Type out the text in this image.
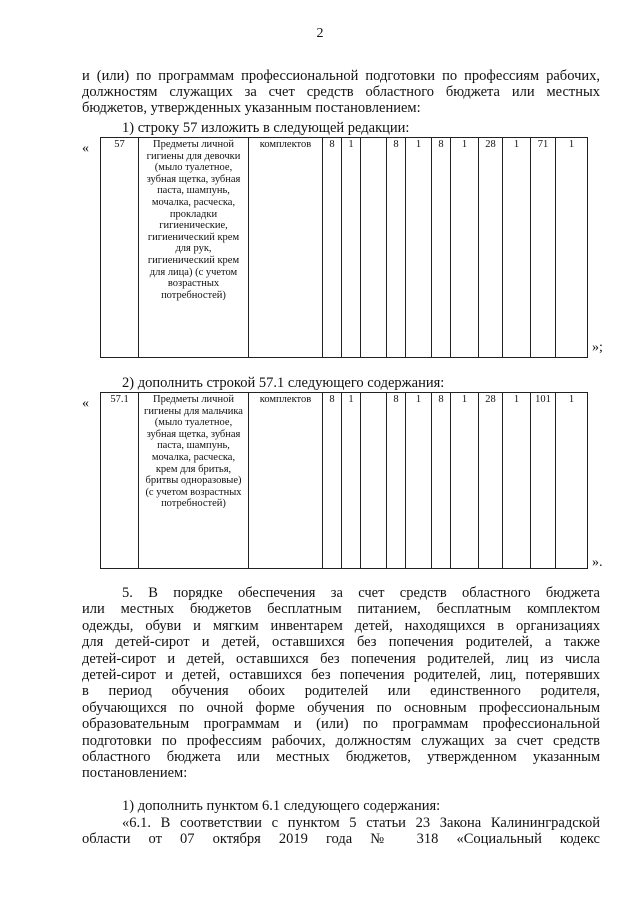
2
и (или) по программам профессиональной подготовки по профессиям рабочих,
должностям служащих за счет средств областного бюджета или местных
бюджетов, утвержденных указанным постановлением:
1) строку 57 изложить в следующей редакции:
« 57	Предметы личной гигиены для девочки (мыло туалетное, зубная щетка, зубная паста, шампунь, мочалка, расческа, прокладки гигиенические, гигиенический крем для рук, гигиенический крем для лица) (с учетом возрастных потребностей)	комплектов	8	1		8	1	8	1	28	1	71	1
»;
2) дополнить строкой 57.1 следующего содержания:
« 57.1	Предметы личной гигиены для мальчика (мыло туалетное, зубная щетка, зубная паста, шампунь, мочалка, расческа, крем для бритья, бритвы одноразовые) (с учетом возрастных потребностей)	комплектов	8	1		8	1	8	1	28	1	101	1
».
5. В порядке обеспечения за счет средств областного бюджета
или местных бюджетов бесплатным питанием, бесплатным комплектом
одежды, обуви и мягким инвентарем детей, находящихся в организациях
для детей-сирот и детей, оставшихся без попечения родителей, а также
детей-сирот и детей, оставшихся без попечения родителей, лиц из числа
детей-сирот и детей, оставшихся без попечения родителей, лиц, потерявших
в период обучения обоих родителей или единственного родителя,
обучающихся по очной форме обучения по основным профессиональным
образовательным программам и (или) по программам профессиональной
подготовки по профессиям рабочих, должностям служащих за счет средств
областного бюджета или местных бюджетов, утвержденном указанным
постановлением:
1) дополнить пунктом 6.1 следующего содержания:
«6.1. В соответствии с пунктом 5 статьи 23 Закона Калининградской
области от 07 октября 2019 года № 318 «Социальный кодекс
